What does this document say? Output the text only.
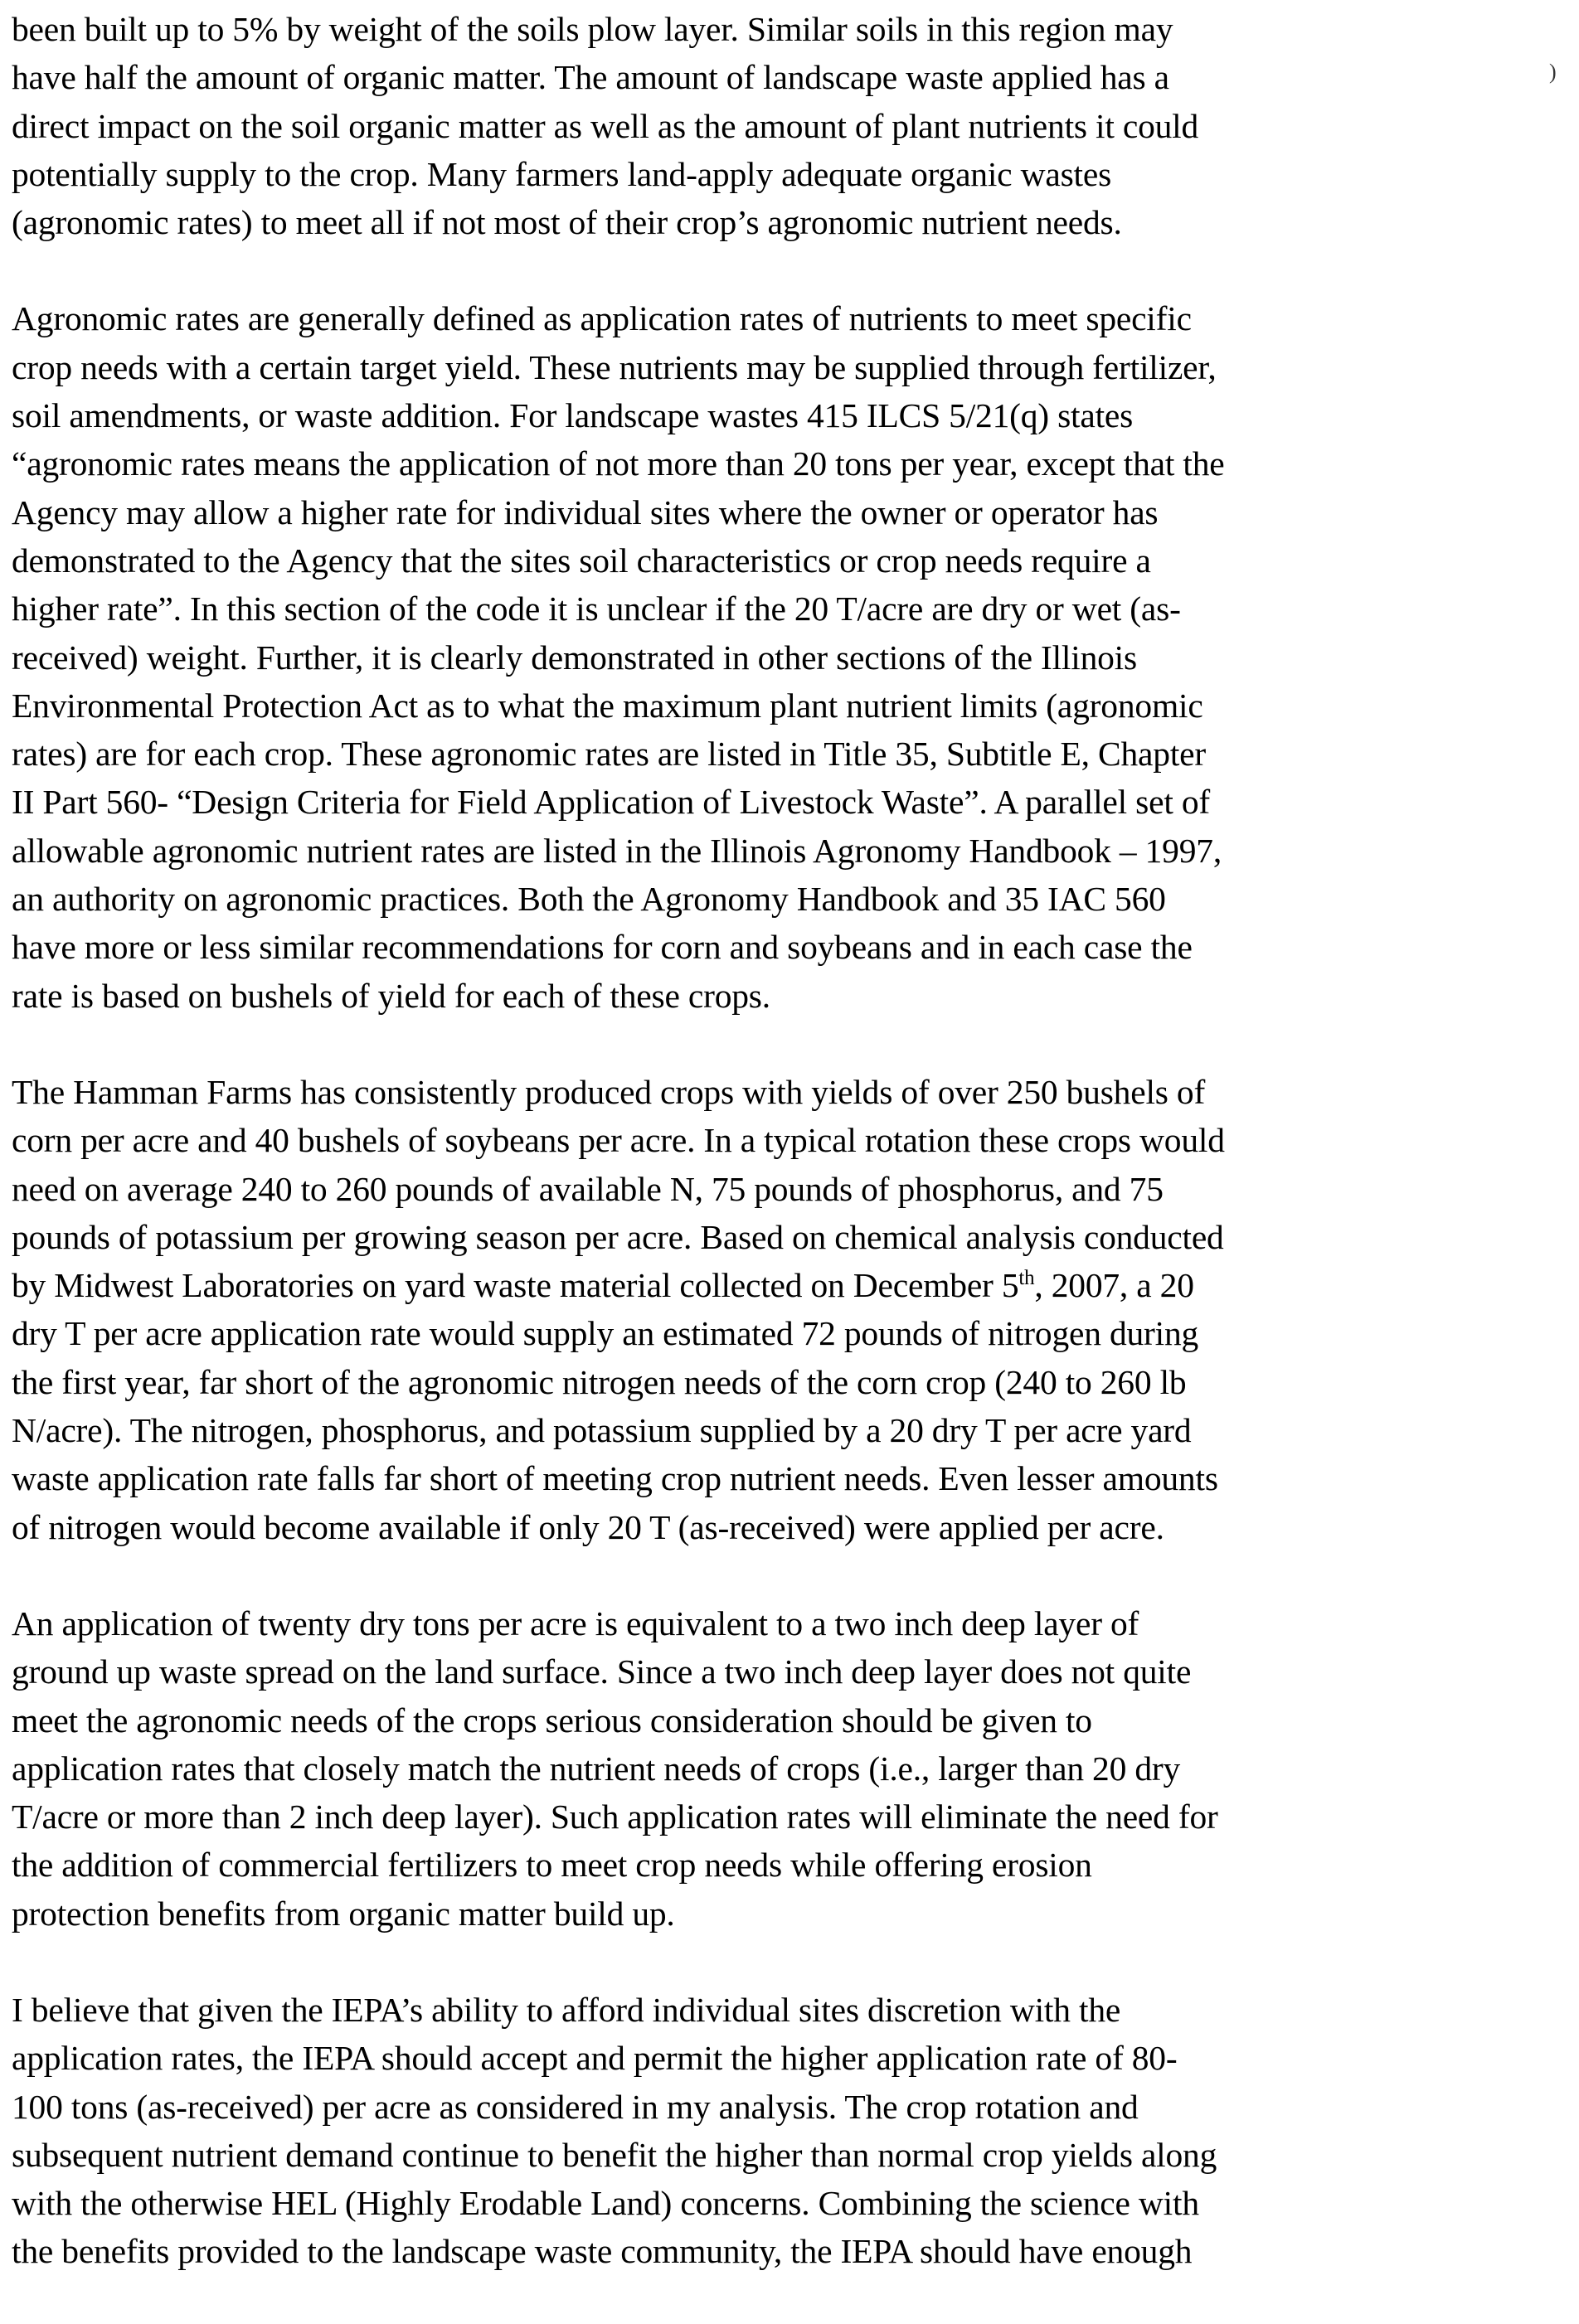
been built up to 5% by weight of the soils plow layer. Similar soils in this region may
have half the amount of organic matter. The amount of landscape waste applied has a
direct impact on the soil organic matter as well as the amount of plant nutrients it could
potentially supply to the crop. Many farmers land-apply adequate organic wastes
(agronomic rates) to meet all if not most of their crop’s agronomic nutrient needs.

Agronomic rates are generally defined as application rates of nutrients to meet specific
crop needs with a certain target yield. These nutrients may be supplied through fertilizer,
soil amendments, or waste addition. For landscape wastes 415 ILCS 5/21(q) states
“agronomic rates means the application of not more than 20 tons per year, except that the
Agency may allow a higher rate for individual sites where the owner or operator has
demonstrated to the Agency that the sites soil characteristics or crop needs require a
higher rate”. In this section of the code it is unclear if the 20 T/acre are dry or wet (as-
received) weight. Further, it is clearly demonstrated in other sections of the Illinois
Environmental Protection Act as to what the maximum plant nutrient limits (agronomic
rates) are for each crop. These agronomic rates are listed in Title 35, Subtitle E, Chapter
II Part 560- “Design Criteria for Field Application of Livestock Waste”. A parallel set of
allowable agronomic nutrient rates are listed in the Illinois Agronomy Handbook – 1997,
an authority on agronomic practices. Both the Agronomy Handbook and 35 IAC 560
have more or less similar recommendations for corn and soybeans and in each case the
rate is based on bushels of yield for each of these crops.

The Hamman Farms has consistently produced crops with yields of over 250 bushels of
corn per acre and 40 bushels of soybeans per acre. In a typical rotation these crops would
need on average 240 to 260 pounds of available N, 75 pounds of phosphorus, and 75
pounds of potassium per growing season per acre. Based on chemical analysis conducted
by Midwest Laboratories on yard waste material collected on December 5th, 2007, a 20
dry T per acre application rate would supply an estimated 72 pounds of nitrogen during
the first year, far short of the agronomic nitrogen needs of the corn crop (240 to 260 lb
N/acre). The nitrogen, phosphorus, and potassium supplied by a 20 dry T per acre yard
waste application rate falls far short of meeting crop nutrient needs. Even lesser amounts
of nitrogen would become available if only 20 T (as-received) were applied per acre.

An application of twenty dry tons per acre is equivalent to a two inch deep layer of
ground up waste spread on the land surface. Since a two inch deep layer does not quite
meet the agronomic needs of the crops serious consideration should be given to
application rates that closely match the nutrient needs of crops (i.e., larger than 20 dry
T/acre or more than 2 inch deep layer). Such application rates will eliminate the need for
the addition of commercial fertilizers to meet crop needs while offering erosion
protection benefits from organic matter build up.

I believe that given the IEPA’s ability to afford individual sites discretion with the
application rates, the IEPA should accept and permit the higher application rate of 80-
100 tons (as-received) per acre as considered in my analysis. The crop rotation and
subsequent nutrient demand continue to benefit the higher than normal crop yields along
with the otherwise HEL (Highly Erodable Land) concerns. Combining the science with
the benefits provided to the landscape waste community, the IEPA should have enough

)
